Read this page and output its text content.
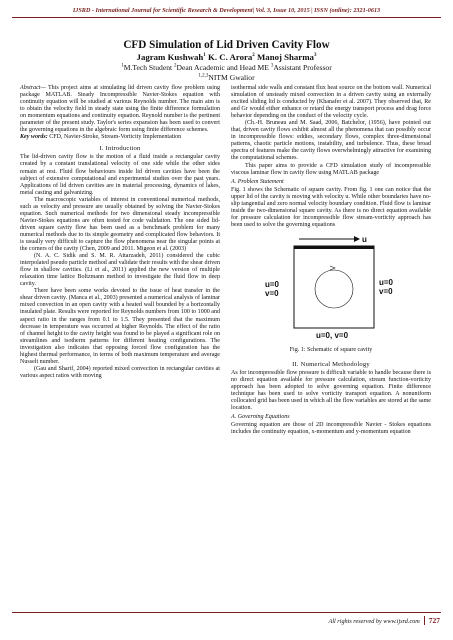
IJSRD - International Journal for Scientific Research & Development| Vol. 3, Issue 10, 2015 | ISSN (online): 2321-0613
CFD Simulation of Lid Driven Cavity Flow
Jagram Kushwah$^1$ K. C. Arora$^2$ Manoj Sharma$^3$
$^1$M.Tech Student $^2$Dean Academic and Head ME $^3$Assistant Professor
$^{1,2,3}$NITM Gwalior

Abstract— This project aims at simulating lid driven cavity flow problem using package MATLAB. Steady Incompressible Navier-Stokes equation with continuity equation will be studied at various Reynolds number. The main aim is to obtain the velocity field in steady state using the finite difference formulation on momentum equations and continuity equation. Reynold number is the pertinent parameter of the present study. Taylor's series expansion has been used to convert the governing equations in the algebraic form using finite difference schemes.

Key words: CFD, Navier-Stroke, Stream-Vorticity Implementation

I. Introduction

The lid-driven cavity flow is the motion of a fluid inside a rectangular cavity created by a constant translational velocity of one side while the other sides remain at rest. Fluid flow behaviours inside lid driven cavities have been the subject of extensive computational and experimental studies over the past years. Applications of lid driven cavities are in material processing, dynamics of lakes, metal casting and galvanizing.

The macroscopic variables of interest in conventional numerical methods, such as velocity and pressure are usually obtained by solving the Navier-Stokes equation. Such numerical methods for two dimensional steady incompressible Navier-Stokes equations are often tested for code validation. The one sided lid-driven square cavity flow has been used as a benchmark problem for many numerical methods due to its simple geometry and complicated flow behaviors. It is usually very difficult to capture the flow phenomena near the singular points at the corners of the cavity (Chen, 2009 and 2011. Migeon et al. (2003)

(N. A. C. Sidik and S. M. R. Attarzadeh, 2011) considered the cubic interpolated pseudo particle method and validate their results with the shear driven flow in shallow cavities. (Li et al., 2011) applied the new version of multiple relaxation time lattice Boltzmann method to investigate the fluid flow in deep cavity.

There have been some works devoted to the issue of heat transfer in the shear driven cavity. (Manca et al., 2003) presented a numerical analysis of laminar mixed convection in an open cavity with a heated wall bounded by a horizontally insulated plate. Results were reported for Reynolds numbers from 100 to 1000 and aspect ratio in the ranges from 0.1 to 1.5. They presented that the maximum decrease in temperature was occurred at higher Reynolds. The effect of the ratio of channel height to the cavity height was found to be played a significant role on streamlines and isotherm patterns for different heating configurations. The investigation also indicates that opposing forced flow configuration has the highest thermal performance, in terms of both maximum temperature and average Nusselt number.

(Gau and Sharif, 2004) reported mixed convection in rectangular cavities at various aspect ratios with moving

isothermal side walls and constant flux heat source on the bottom wall. Numerical simulation of unsteady mixed convection in a driven cavity using an externally excited sliding lid is conducted by (Khanafer et al. 2007). They observed that, Re and Gr would either enhance or retard the energy transport process and drag force behavior depending on the conduct of the velocity cycle.

(Ch.-H. Bruneau and M. Saad, 2006, Batchelor, (1956), have pointed out that, driven cavity flows exhibit almost all the phenomena that can possibly occur in incompressible flows: eddies, secondary flows, complex three-dimensional patterns, chaotic particle motions, instability, and turbulence. Thus, these broad spectra of features make the cavity flows overwhelmingly attractive for examining the computational schemes.

This paper aims to provide a CFD simulation study of incompressible viscous laminar flow in cavity flow using MATLAB package

A. Problem Statement

Fig. 1 shows the Schematic of square cavity. From fig. 1 one can notice that the upper lid of the cavity is moving with velocity u. While other boundaries have no-slip tangential and zero normal velocity boundary condition. Fluid flow is laminar inside the two-dimensional square cavity. As there is no direct equation available for pressure calculation for incompressible flow stream-vorticity approach has been used to solve the governing equations

u
u=0
v=0
u=0
v=0
u=0, v=0
Fig. 1: Schematic of square cavity
II. Numerical Methodology

As for incompressible flow pressure is difficult variable to handle because there is no direct equation available for pressure calculation, stream function-vorticity approach has been adopted to solve governing equation. Finite difference technique has been used to solve vorticity transport equation. A nonuniform collocated grid has been used in which all the flow variables are stored at the same location.

A. Governing Equations

Governing equation are those of 2D incompressible Navier - Stokes equations includes the continuity equation, x-momentum and y-momentum equation

All rights reserved by www.ijsrd.com 727
